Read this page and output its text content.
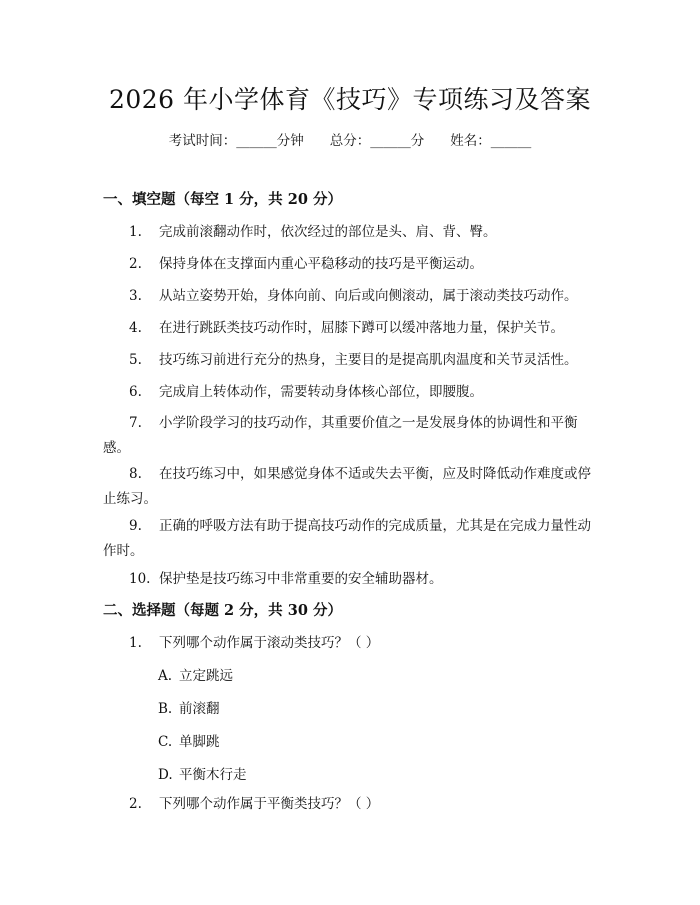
2026 年小学体育《技巧》专项练习及答案
考试时间：______分钟 总分：______分 姓名：______
一、填空题（每空 1 分，共 20 分）
1. 完成前滚翻动作时，依次经过的部位是头、肩、背、臀。
2. 保持身体在支撑面内重心平稳移动的技巧是平衡运动。
3. 从站立姿势开始，身体向前、向后或向侧滚动，属于滚动类技巧动作。
4. 在进行跳跃类技巧动作时，屈膝下蹲可以缓冲落地力量，保护关节。
5. 技巧练习前进行充分的热身，主要目的是提高肌肉温度和关节灵活性。
6. 完成肩上转体动作，需要转动身体核心部位，即腰腹。
7. 小学阶段学习的技巧动作，其重要价值之一是发展身体的协调性和平衡感。
8. 在技巧练习中，如果感觉身体不适或失去平衡，应及时降低动作难度或停止练习。
9. 正确的呼吸方法有助于提高技巧动作的完成质量，尤其是在完成力量性动作时。
10. 保护垫是技巧练习中非常重要的安全辅助器材。
二、选择题（每题 2 分，共 30 分）
1. 下列哪个动作属于滚动类技巧？（ ）
A. 立定跳远
B. 前滚翻
C. 单脚跳
D. 平衡木行走
2. 下列哪个动作属于平衡类技巧？（ ）
